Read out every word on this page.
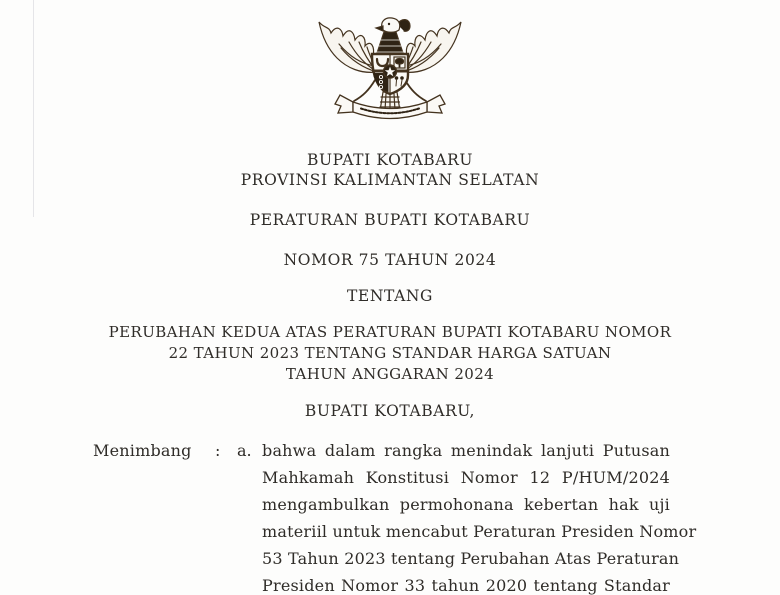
BUPATI KOTABARU
PROVINSI KALIMANTAN SELATAN
PERATURAN BUPATI KOTABARU
NOMOR 75 TAHUN 2024
TENTANG
PERUBAHAN KEDUA ATAS PERATURAN BUPATI KOTABARU NOMOR
22 TAHUN 2023 TENTANG STANDAR HARGA SATUAN
TAHUN ANGGARAN 2024
BUPATI KOTABARU,
Menimbang	:	a. bahwa dalam rangka menindak lanjuti Putusan
Mahkamah Konstitusi Nomor 12 P/HUM/2024
mengambulkan permohonana kebertan hak uji
materiil untuk mencabut Peraturan Presiden Nomor
53 Tahun 2023 tentang Perubahan Atas Peraturan
Presiden Nomor 33 tahun 2020 tentang Standar
